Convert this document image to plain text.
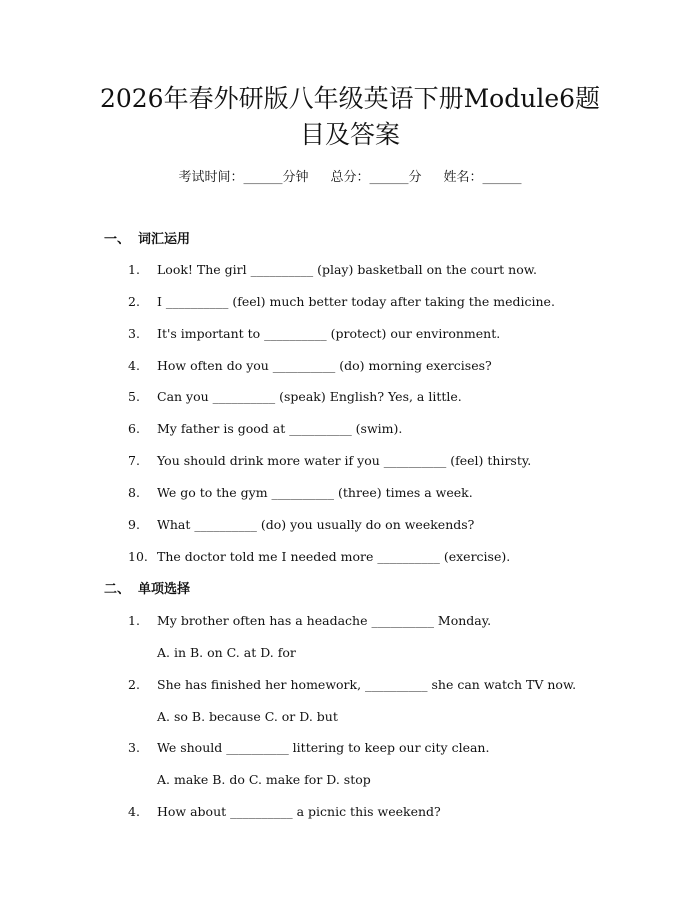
2026年春外研版八年级英语下册Module6题
目及答案
考试时间：______分钟 总分：______分 姓名：______
一、 词汇运用
1. Look! The girl __________ (play) basketball on the court now.
2. I __________ (feel) much better today after taking the medicine.
3. It's important to __________ (protect) our environment.
4. How often do you __________ (do) morning exercises?
5. Can you __________ (speak) English? Yes, a little.
6. My father is good at __________ (swim).
7. You should drink more water if you __________ (feel) thirsty.
8. We go to the gym __________ (three) times a week.
9. What __________ (do) you usually do on weekends?
10. The doctor told me I needed more __________ (exercise).
二、 单项选择
1. My brother often has a headache __________ Monday.
A. in B. on C. at D. for
2. She has finished her homework, __________ she can watch TV now.
A. so B. because C. or D. but
3. We should __________ littering to keep our city clean.
A. make B. do C. make for D. stop
4. How about __________ a picnic this weekend?
